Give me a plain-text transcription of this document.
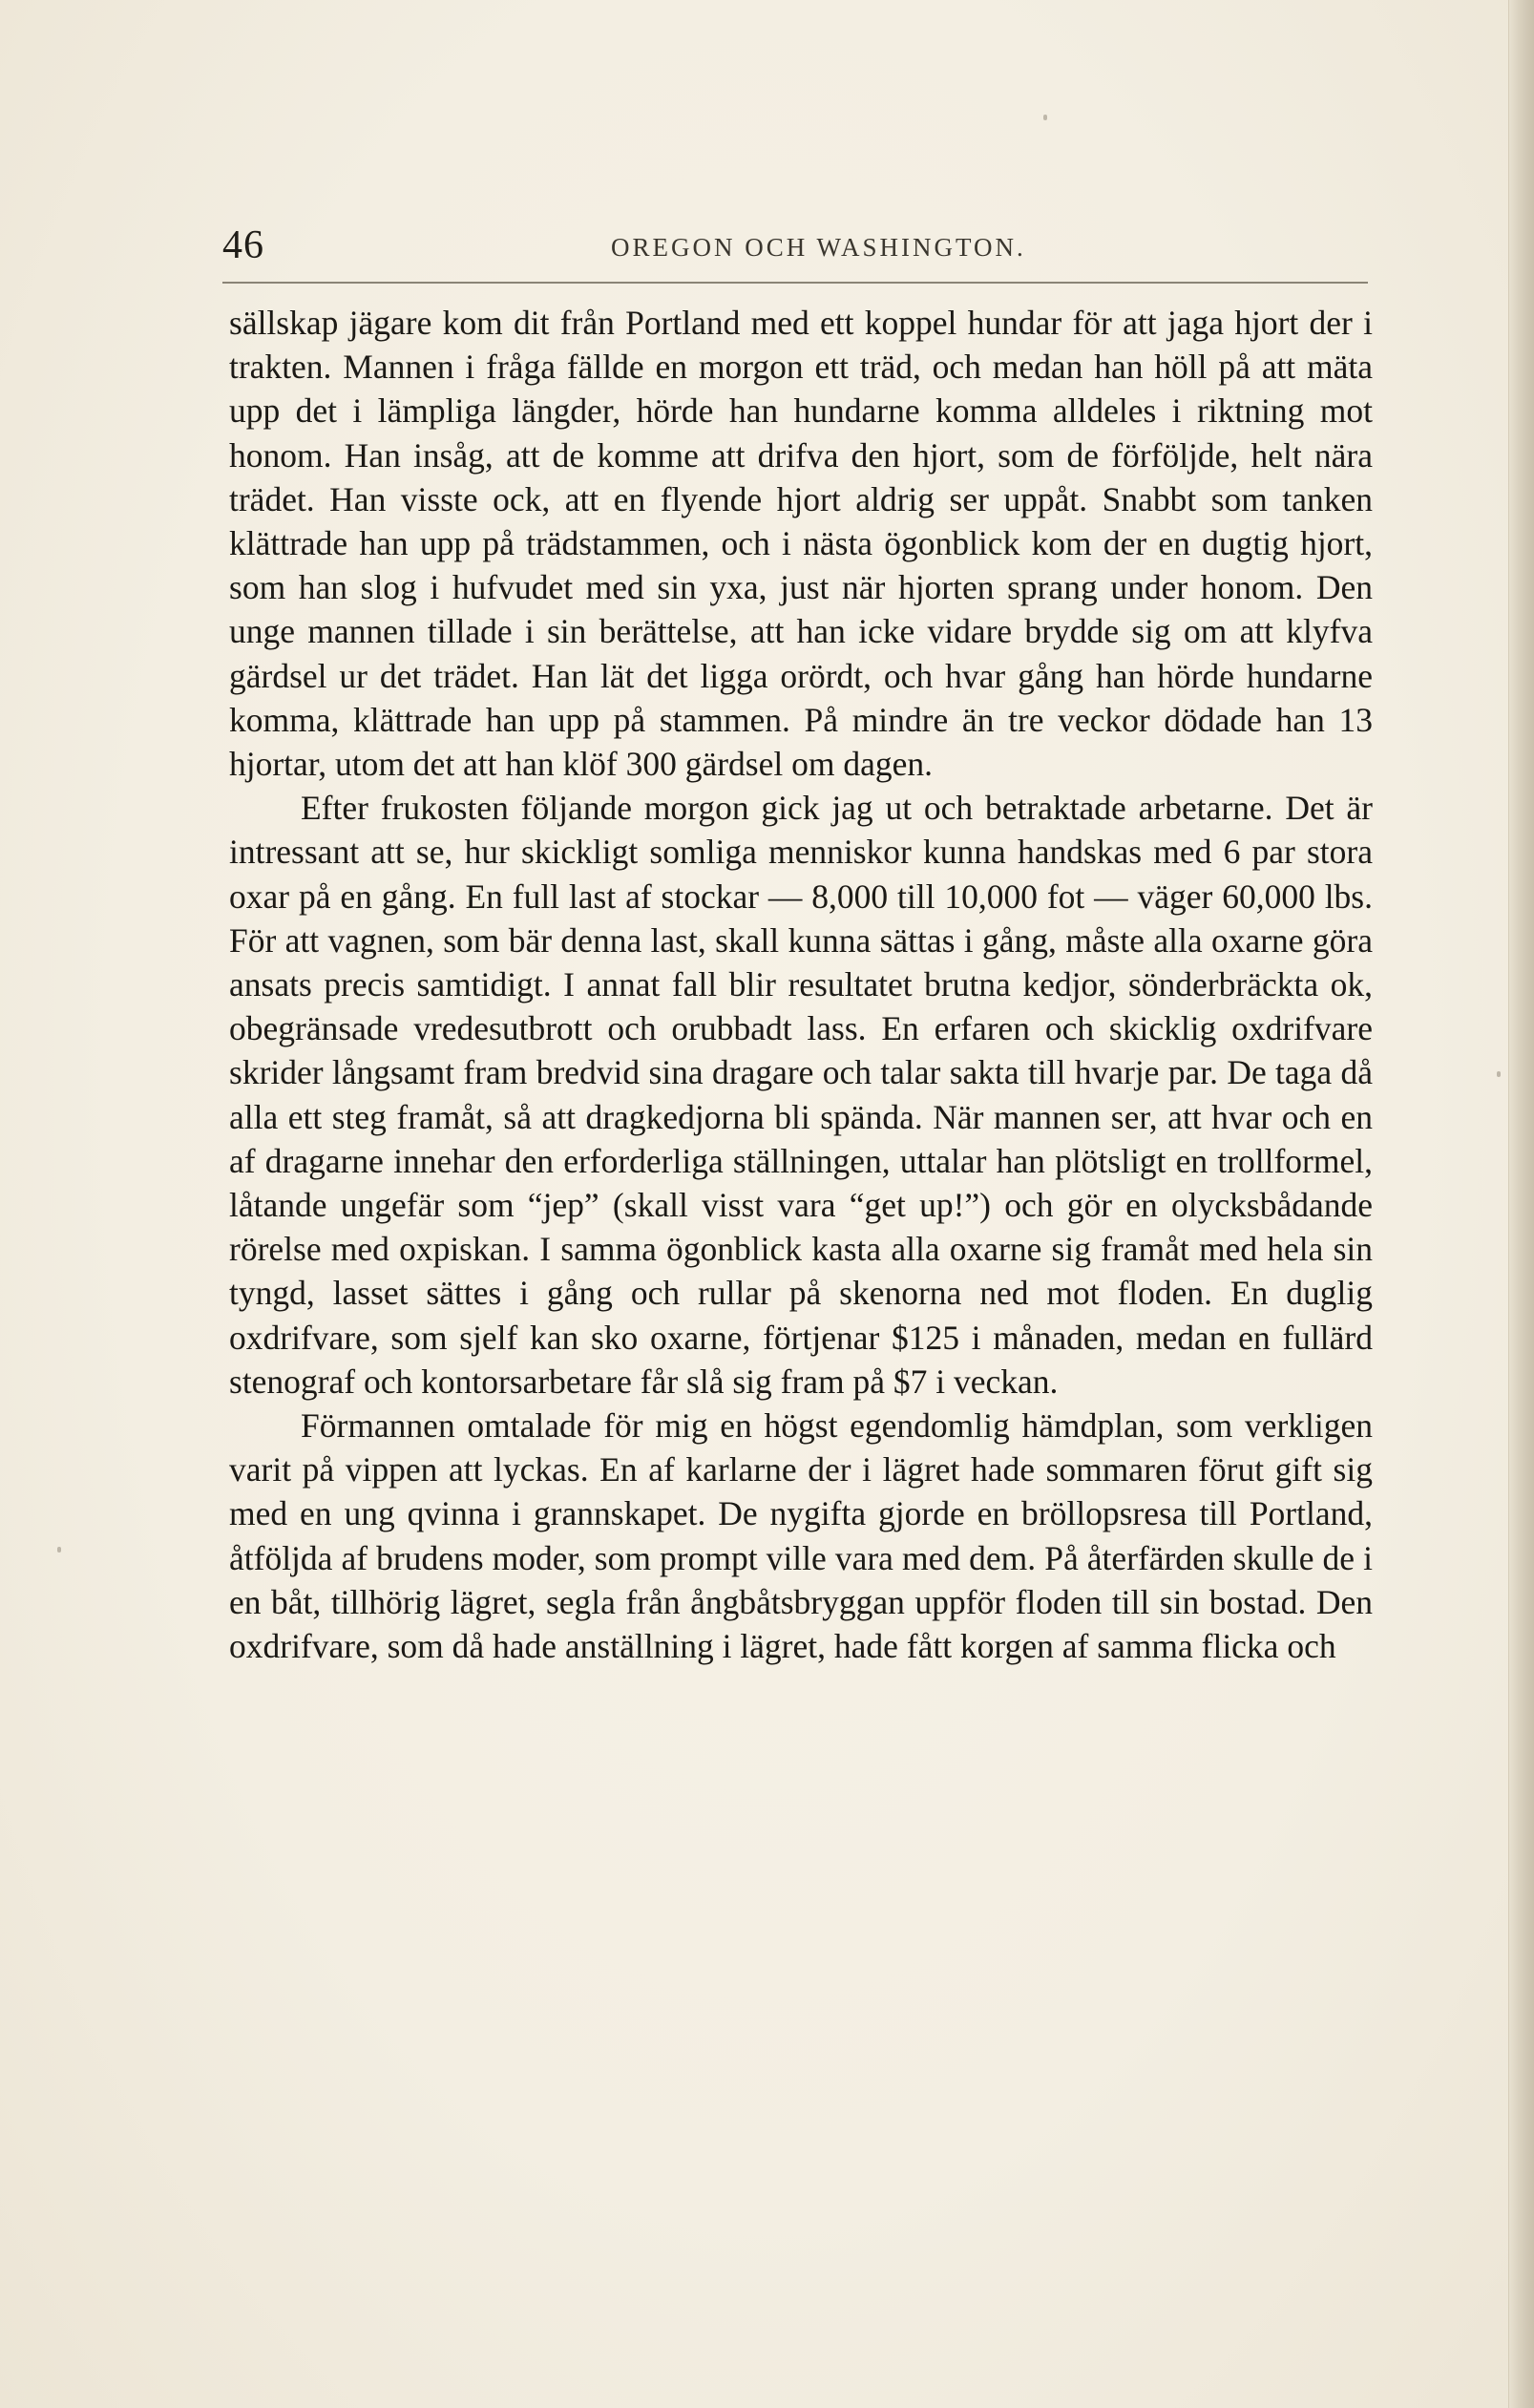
46	OREGON OCH WASHINGTON.

sällskap jägare kom dit från Portland med ett koppel hundar för att jaga hjort der i trakten. Mannen i fråga fällde en morgon ett träd, och medan han höll på att mäta upp det i lämpliga längder, hörde han hundarne komma alldeles i riktning mot honom. Han insåg, att de komme att drifva den hjort, som de förföljde, helt nära trädet. Han visste ock, att en flyende hjort aldrig ser uppåt. Snabbt som tanken klättrade han upp på trädstammen, och i nästa ögonblick kom der en dugtig hjort, som han slog i hufvudet med sin yxa, just när hjorten sprang under honom. Den unge mannen tillade i sin berättelse, att han icke vidare brydde sig om att klyfva gärdsel ur det trädet. Han lät det ligga orördt, och hvar gång han hörde hundarne komma, klättrade han upp på stammen. På mindre än tre veckor dödade han 13 hjortar, utom det att han klöf 300 gärdsel om dagen.

Efter frukosten följande morgon gick jag ut och betraktade arbetarne. Det är intressant att se, hur skickligt somliga menniskor kunna handskas med 6 par stora oxar på en gång. En full last af stockar — 8,000 till 10,000 fot — väger 60,000 lbs. För att vagnen, som bär denna last, skall kunna sättas i gång, måste alla oxarne göra ansats precis samtidigt. I annat fall blir resultatet brutna kedjor, sönderbräckta ok, obegränsade vredesutbrott och orubbadt lass. En erfaren och skicklig oxdrifvare skrider långsamt fram bredvid sina dragare och talar sakta till hvarje par. De taga då alla ett steg framåt, så att dragkedjorna bli spända. När mannen ser, att hvar och en af dragarne innehar den erforderliga ställningen, uttalar han plötsligt en trollformel, låtande ungefär som “jep” (skall visst vara “get up!”) och gör en olycksbådande rörelse med oxpiskan. I samma ögonblick kasta alla oxarne sig framåt med hela sin tyngd, lasset sättes i gång och rullar på skenorna ned mot floden. En duglig oxdrifvare, som sjelf kan sko oxarne, förtjenar $125 i månaden, medan en fullärd stenograf och kontorsarbetare får slå sig fram på $7 i veckan.

Förmannen omtalade för mig en högst egendomlig hämdplan, som verkligen varit på vippen att lyckas. En af karlarne der i lägret hade sommaren förut gift sig med en ung qvinna i grannskapet. De nygifta gjorde en bröllopsresa till Portland, åtföljda af brudens moder, som prompt ville vara med dem. På återfärden skulle de i en båt, tillhörig lägret, segla från ångbåtsbryggan uppför floden till sin bostad. Den oxdrifvare, som då hade anställning i lägret, hade fått korgen af samma flicka och
